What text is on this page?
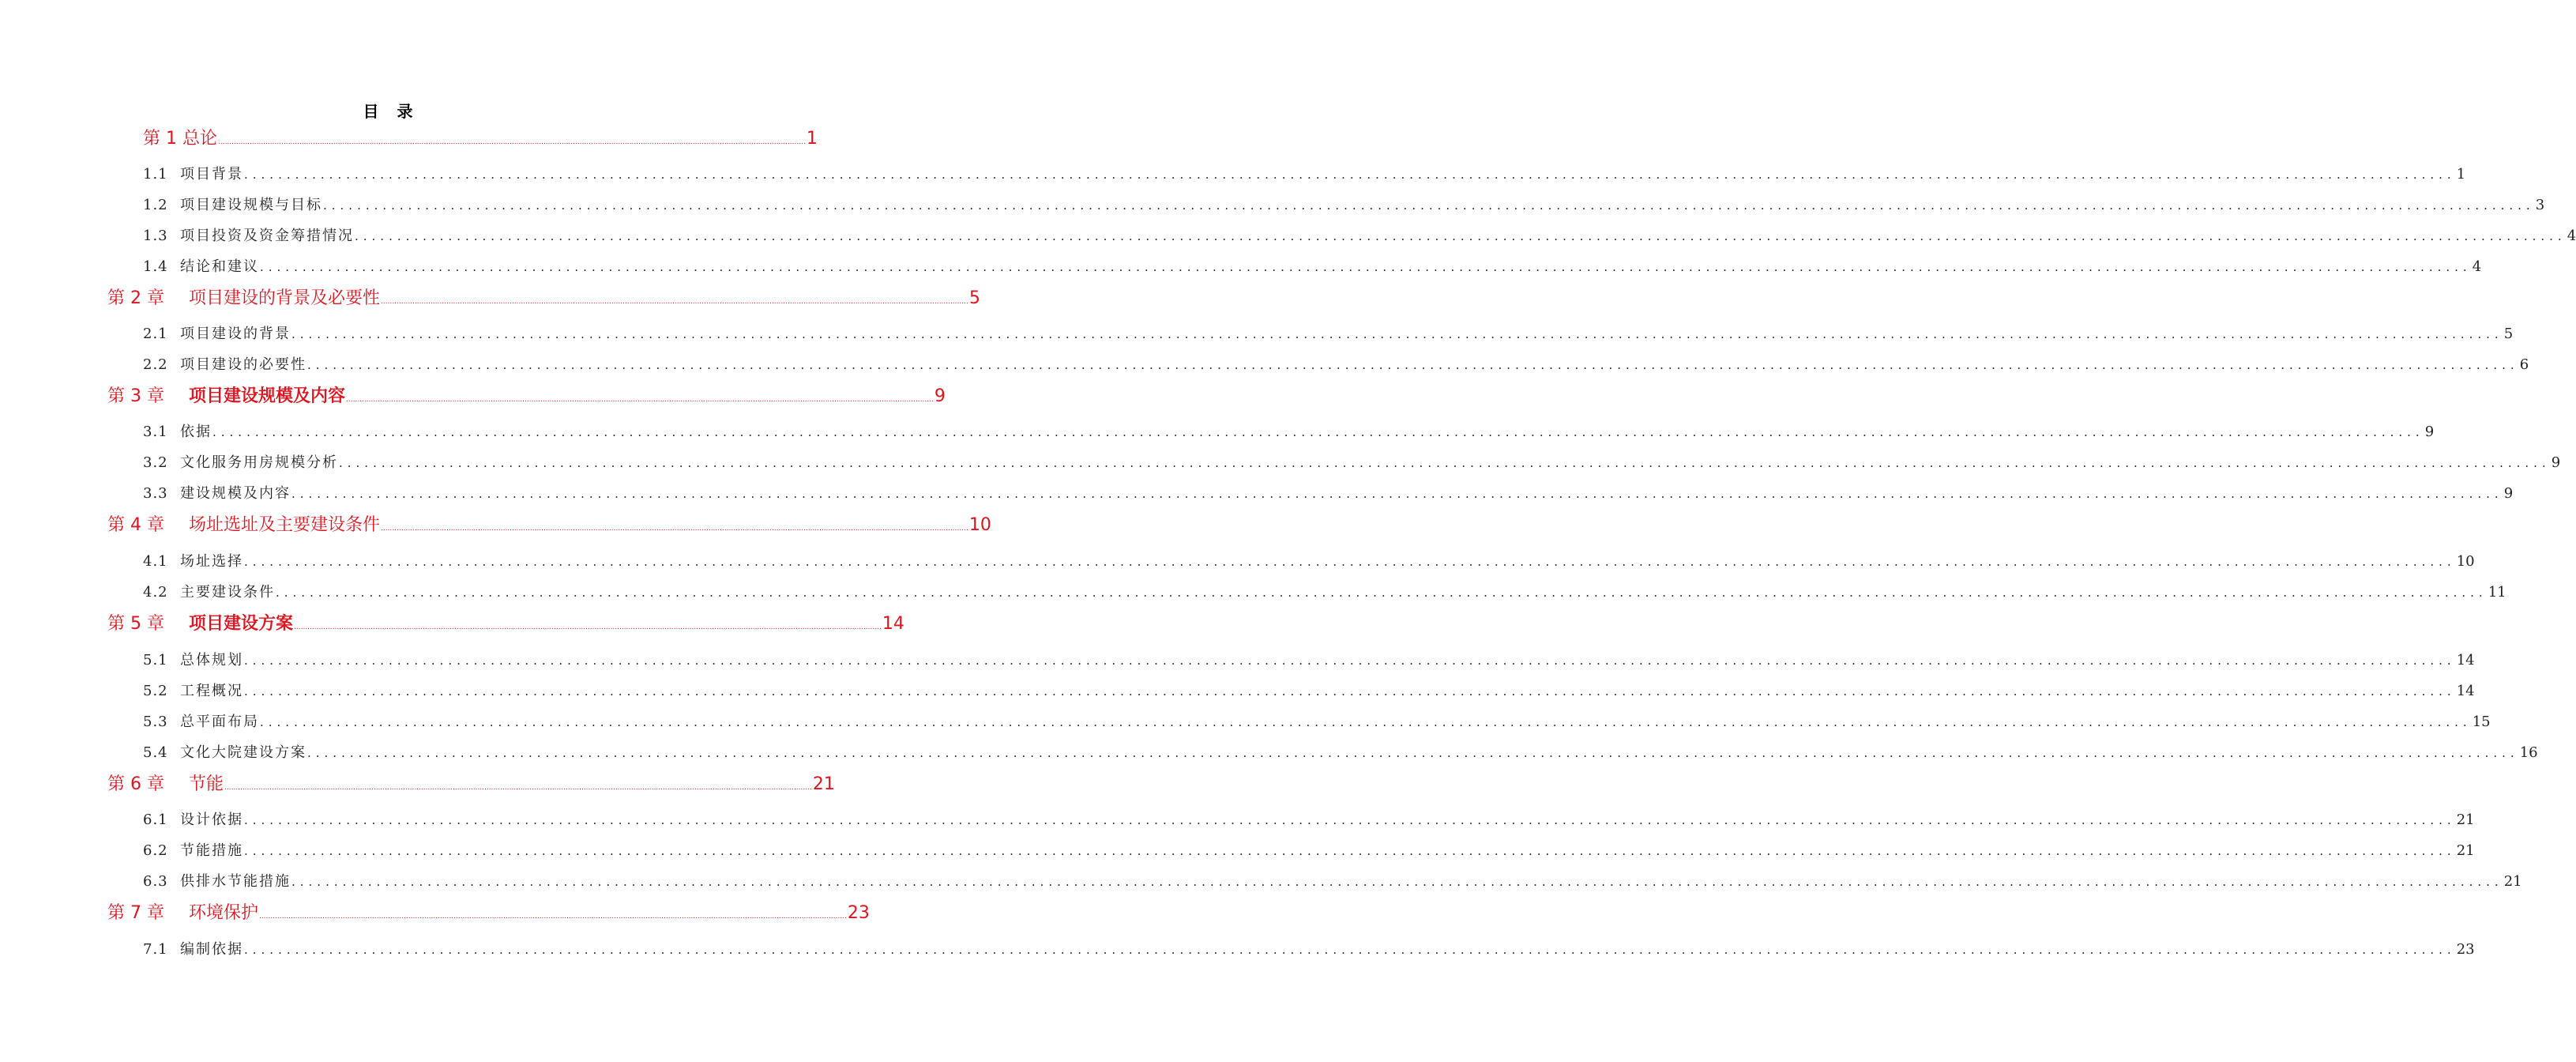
目 录
第 1 总论 .................................................................................................................................................................................................................................................................... 1
1.1 项目背景 .................................................................................................................................................................................................................................................................... 1
1.2 项目建设规模与目标 .................................................................................................................................................................................................................................................................... 3
1.3 项目投资及资金筹措情况 .................................................................................................................................................................................................................................................................... 4
1.4 结论和建议 .................................................................................................................................................................................................................................................................... 4
第 2 章 项目建设的背景及必要性 .................................................................................................................................................................................................................................................................... 5
2.1 项目建设的背景 .................................................................................................................................................................................................................................................................... 5
2.2 项目建设的必要性 .................................................................................................................................................................................................................................................................... 6
第 3 章 项目建设规模及内容 .................................................................................................................................................................................................................................................................... 9
3.1 依据 .................................................................................................................................................................................................................................................................... 9
3.2 文化服务用房规模分析 .................................................................................................................................................................................................................................................................... 9
3.3 建设规模及内容 .................................................................................................................................................................................................................................................................... 9
第 4 章 场址选址及主要建设条件 .................................................................................................................................................................................................................................................................... 10
4.1 场址选择 .................................................................................................................................................................................................................................................................... 10
4.2 主要建设条件 .................................................................................................................................................................................................................................................................... 11
第 5 章 项目建设方案 .................................................................................................................................................................................................................................................................... 14
5.1 总体规划 .................................................................................................................................................................................................................................................................... 14
5.2 工程概况 .................................................................................................................................................................................................................................................................... 14
5.3 总平面布局 .................................................................................................................................................................................................................................................................... 15
5.4 文化大院建设方案 .................................................................................................................................................................................................................................................................... 16
第 6 章 节能 .................................................................................................................................................................................................................................................................... 21
6.1 设计依据 .................................................................................................................................................................................................................................................................... 21
6.2 节能措施 .................................................................................................................................................................................................................................................................... 21
6.3 供排水节能措施 .................................................................................................................................................................................................................................................................... 21
第 7 章 环境保护 .................................................................................................................................................................................................................................................................... 23
7.1 编制依据 .................................................................................................................................................................................................................................................................... 23
